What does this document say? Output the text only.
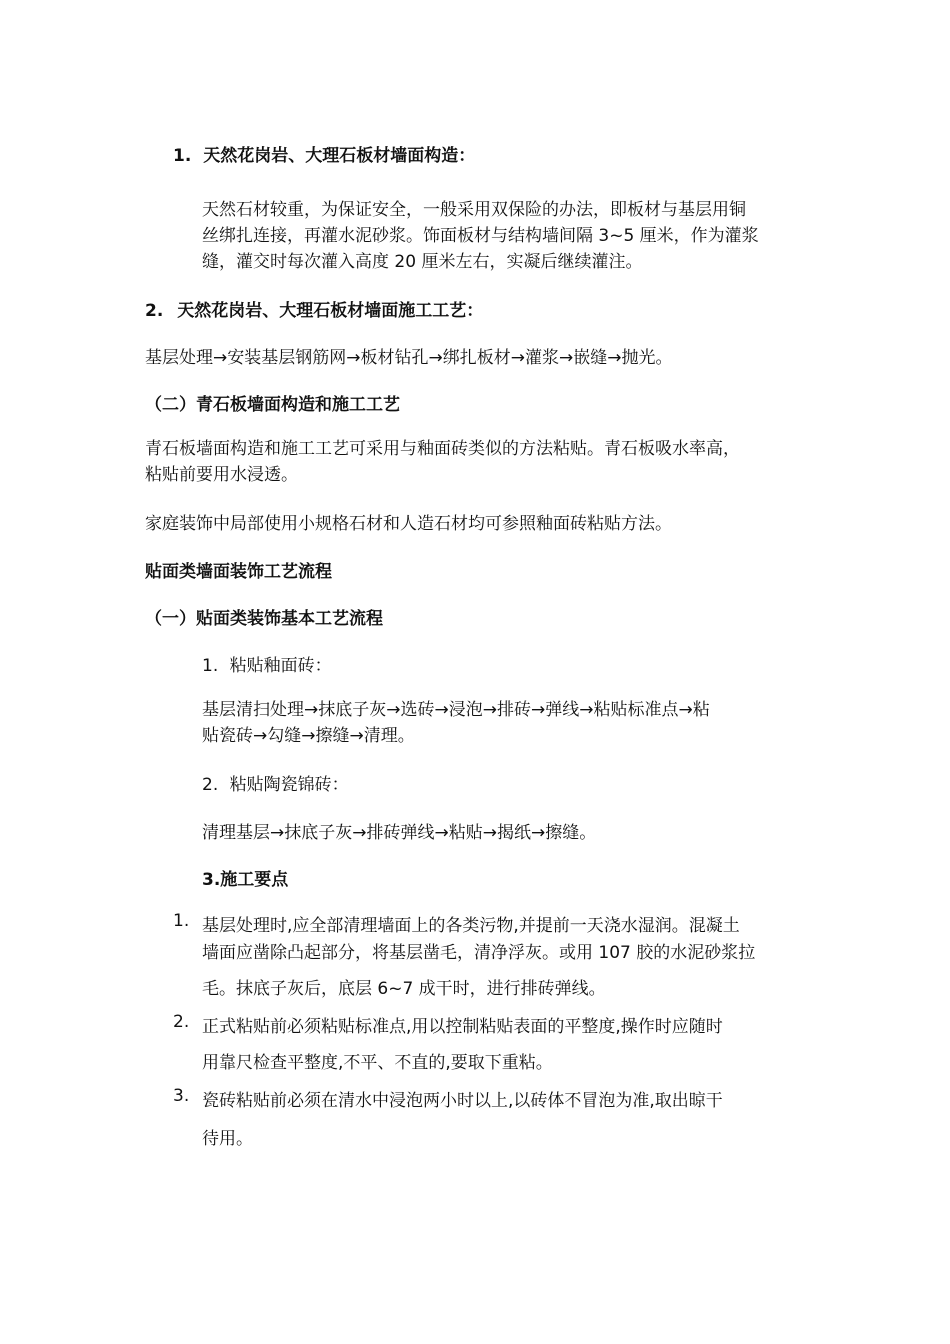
1. 天然花岗岩、大理石板材墙面构造：
天然石材较重，为保证安全，一般采用双保险的办法，即板材与基层用铜
丝绑扎连接，再灌水泥砂浆。饰面板材与结构墙间隔 3~5 厘米，作为灌浆
缝，灌交时每次灌入高度 20 厘米左右，实凝后继续灌注。
2. 天然花岗岩、大理石板材墙面施工工艺：
基层处理→安装基层钢筋网→板材钻孔→绑扎板材→灌浆→嵌缝→抛光。
（二）青石板墙面构造和施工工艺
青石板墙面构造和施工工艺可采用与釉面砖类似的方法粘贴。青石板吸水率高，
粘贴前要用水浸透。
家庭装饰中局部使用小规格石材和人造石材均可参照釉面砖粘贴方法。
贴面类墙面装饰工艺流程
（一）贴面类装饰基本工艺流程
1. 粘贴釉面砖：
基层清扫处理→抹底子灰→选砖→浸泡→排砖→弹线→粘贴标准点→粘
贴瓷砖→勾缝→擦缝→清理。
2. 粘贴陶瓷锦砖：
清理基层→抹底子灰→排砖弹线→粘贴→揭纸→擦缝。
3.施工要点
1. 基层处理时,应全部清理墙面上的各类污物,并提前一天浇水湿润。混凝土
墙面应凿除凸起部分，将基层凿毛，清净浮灰。或用 107 胶的水泥砂浆拉
毛。抹底子灰后，底层 6~7 成干时，进行排砖弹线。
2. 正式粘贴前必须粘贴标准点,用以控制粘贴表面的平整度,操作时应随时
用靠尺检查平整度,不平、不直的,要取下重粘。
3. 瓷砖粘贴前必须在清水中浸泡两小时以上,以砖体不冒泡为准,取出晾干
待用。
